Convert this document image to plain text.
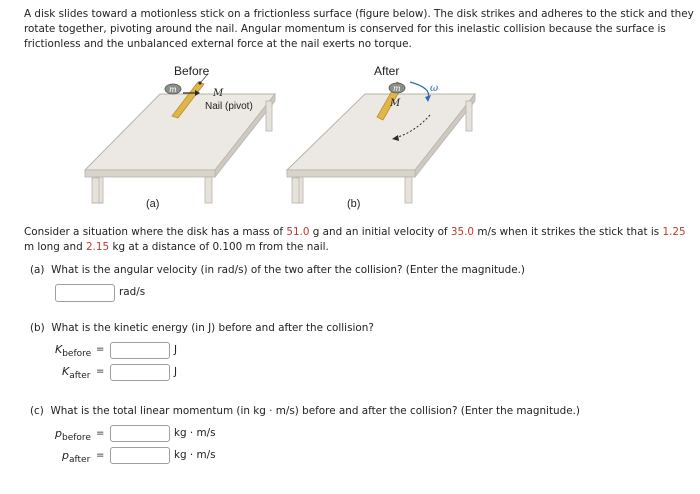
A disk slides toward a motionless stick on a frictionless surface (figure below). The disk strikes and adheres to the stick and they rotate together, pivoting around the nail. Angular momentum is conserved for this inelastic collision because the surface is frictionless and the unbalanced external force at the nail exerts no torque.

Before	After
m	M
Nail (pivot)
m
M
ω
(a)	(b)

Consider a situation where the disk has a mass of 51.0 g and an initial velocity of 35.0 m/s when it strikes the stick that is 1.25 m long and 2.15 kg at a distance of 0.100 m from the nail.

(a) What is the angular velocity (in rad/s) of the two after the collision? (Enter the magnitude.)

rad/s

(b) What is the kinetic energy (in J) before and after the collision?

$K_{before}$ =	J
$K_{after}$ =	J

(c) What is the total linear momentum (in kg · m/s) before and after the collision? (Enter the magnitude.)

$p_{before}$ =	kg · m/s
$p_{after}$ =	kg · m/s
